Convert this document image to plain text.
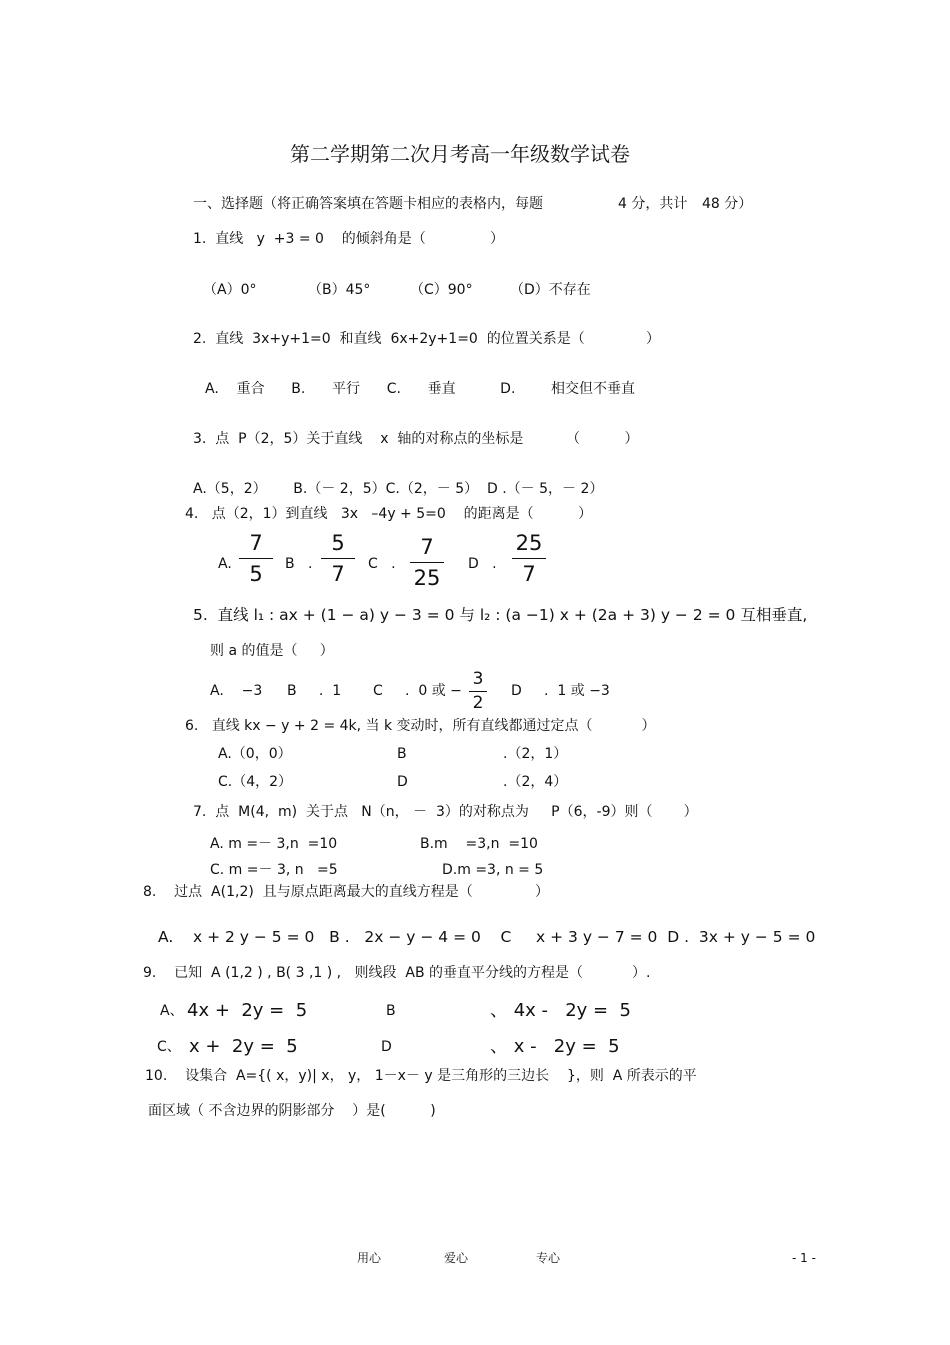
第二学期第二次月考高一年级数学试卷
一、选择题（将正确答案填在答题卡相应的表格内，每题	4 分，共计 48 分）
1.  直线   y  +3 = 0    的倾斜角是（	）
（A）0°	（B）45°	（C）90°	（D）不存在
2.  直线  3x+y+1=0  和直线  6x+2y+1=0  的位置关系是（	）
A.    重合      B.      平行      C.      垂直          D.        相交但不垂直
3.  点  P（2，5）关于直线    x  轴的对称点的坐标是	（          ）
A.（5，2）      B.（－ 2，5）C.（2，－ 5）  D .（－ 5，－ 2）
4.   点（2，1）到直线   3x   –4y + 5=0    的距离是（          ）
A.
7
5	B   .
5
7	C   .
7
25
D   .
25
7
5.  直线 l₁ : ax + (1 − a) y − 3 = 0 与 l₂ : (a −1) x + (2a + 3) y − 2 = 0 互相垂直,
则 a 的值是（     ）
A.    −3 B     .  1 C     .  0 或 −
3
2
D     .  1 或 −3
6.   直线 kx − y + 2 = 4k, 当 k 变动时，所有直线都通过定点（           ）
A.（0，0）	B	.（2，1）
C.（4，2）	D	.（2，4）
7.  点  M(4,  m)  关于点   N（n， －  3）的对称点为     P（6，-9）则（       ）
A. m =－ 3,n  =10	B.m    =3,n  =10
C. m =－ 3, n   =5	D.m =3, n = 5
8.    过点  A(1,2)  且与原点距离最大的直线方程是（              ）
A.    x + 2 y − 5 = 0   B .   2x − y − 4 = 0    C     x + 3 y − 7 = 0  D .  3x + y − 5 = 0
9.    已知  A (1,2 ) , B( 3 ,1 ) ,   则线段  AB 的垂直平分线的方程是（           ）.
A、 4x +  2y =  5	B	、 4x -   2y =  5
C、 x +  2y =  5	D	、 x -   2y =  5
10.    设集合  A={( x，y)| x， y， 1－x－ y 是三角形的三边长    }，则  A 所表示的平
面区域（ 不含边界的阴影部分    ）是(          )
用心	爱心	专心	- 1 -
